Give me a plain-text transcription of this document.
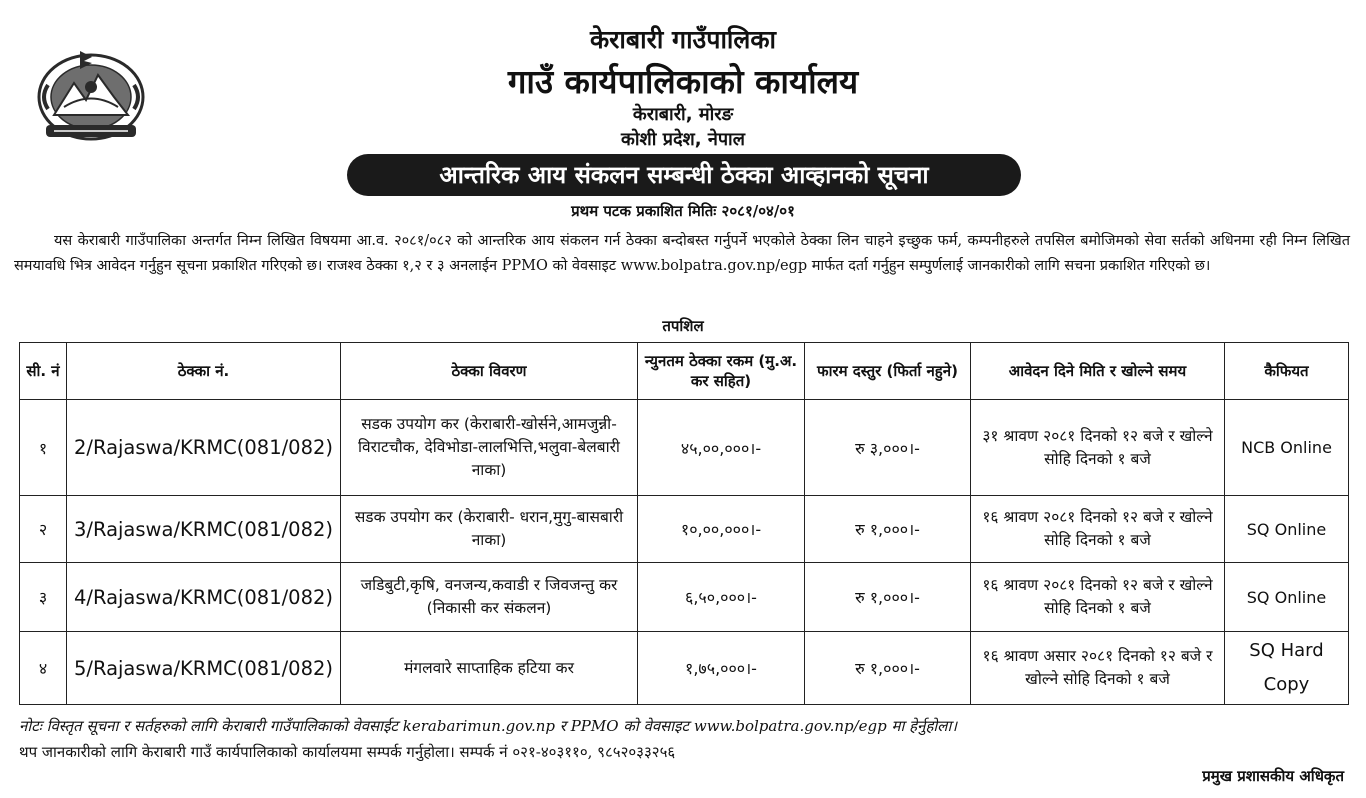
केराबारी गाउँपालिका
गाउँ कार्यपालिकाको कार्यालय
केराबारी, मोरङ
कोशी प्रदेश, नेपाल
आन्तरिक आय संकलन सम्बन्धी ठेक्का आव्हानको सूचना
प्रथम पटक प्रकाशित मितिः २०८१/०४/०१
यस केराबारी गाउँपालिका अन्तर्गत निम्न लिखित विषयमा आ.व. २०८१/०८२ को आन्तरिक आय संकलन गर्न ठेक्का बन्दोबस्त गर्नुपर्ने भएकोले ठेक्का लिन चाहने इच्छुक फर्म, कम्पनीहरुले तपसिल बमोजिमको सेवा सर्तको अधिनमा रही निम्न लिखित समयावधि भित्र आवेदन गर्नुहुन सूचना प्रकाशित गरिएको छ। राजश्व ठेक्का १,२ र ३ अनलाईन PPMO को वेवसाइट www.bolpatra.gov.np/egp मार्फत दर्ता गर्नुहुन सम्पुर्णलाई जानकारीको लागि सचना प्रकाशित गरिएको छ।
तपशिल
सी. नं	ठेक्का नं.	ठेक्का विवरण	न्युनतम ठेक्का रकम (मु.अ. कर सहित)	फारम दस्तुर (फिर्ता नहुने)	आवेदन दिने मिति र खोल्ने समय	कैफियत
१	2/Rajaswa/KRMC(081/082)	सडक उपयोग कर (केराबारी-खोर्सने,आमजुन्नी-विराटचौक, देविभोडा-लालभित्ति,भलुवा-बेलबारी नाका)	४५,००,०००।-	रु ३,०००।-	३१ श्रावण २०८१ दिनको १२ बजे र खोल्ने सोहि दिनको १ बजे	NCB Online
२	3/Rajaswa/KRMC(081/082)	सडक उपयोग कर (केराबारी- धरान,मुगु-बासबारी नाका)	१०,००,०००।-	रु १,०००।-	१६ श्रावण २०८१ दिनको १२ बजे र खोल्ने सोहि दिनको १ बजे	SQ Online
३	4/Rajaswa/KRMC(081/082)	जडिबुटी,कृषि, वनजन्य,कवाडी र जिवजन्तु कर (निकासी कर संकलन)	६,५०,०००।-	रु १,०००।-	१६ श्रावण २०८१ दिनको १२ बजे र खोल्ने सोहि दिनको १ बजे	SQ Online
४	5/Rajaswa/KRMC(081/082)	मंगलवारे साप्ताहिक हटिया कर	१,७५,०००।-	रु १,०००।-	१६ श्रावण असार २०८१ दिनको १२ बजे र खोल्ने सोहि दिनको १ बजे	SQ Hard Copy
नोटः विस्तृत सूचना र सर्तहरुको लागि केराबारी गाउँपालिकाको वेवसाईट kerabarimun.gov.np र PPMO को वेवसाइट www.bolpatra.gov.np/egp मा हेर्नुहोला।
थप जानकारीको लागि केराबारी गाउँ कार्यपालिकाको कार्यालयमा सम्पर्क गर्नुहोला। सम्पर्क नं ०२१-४०३११०, ९८५२०३३२५६
प्रमुख प्रशासकीय अधिकृत
